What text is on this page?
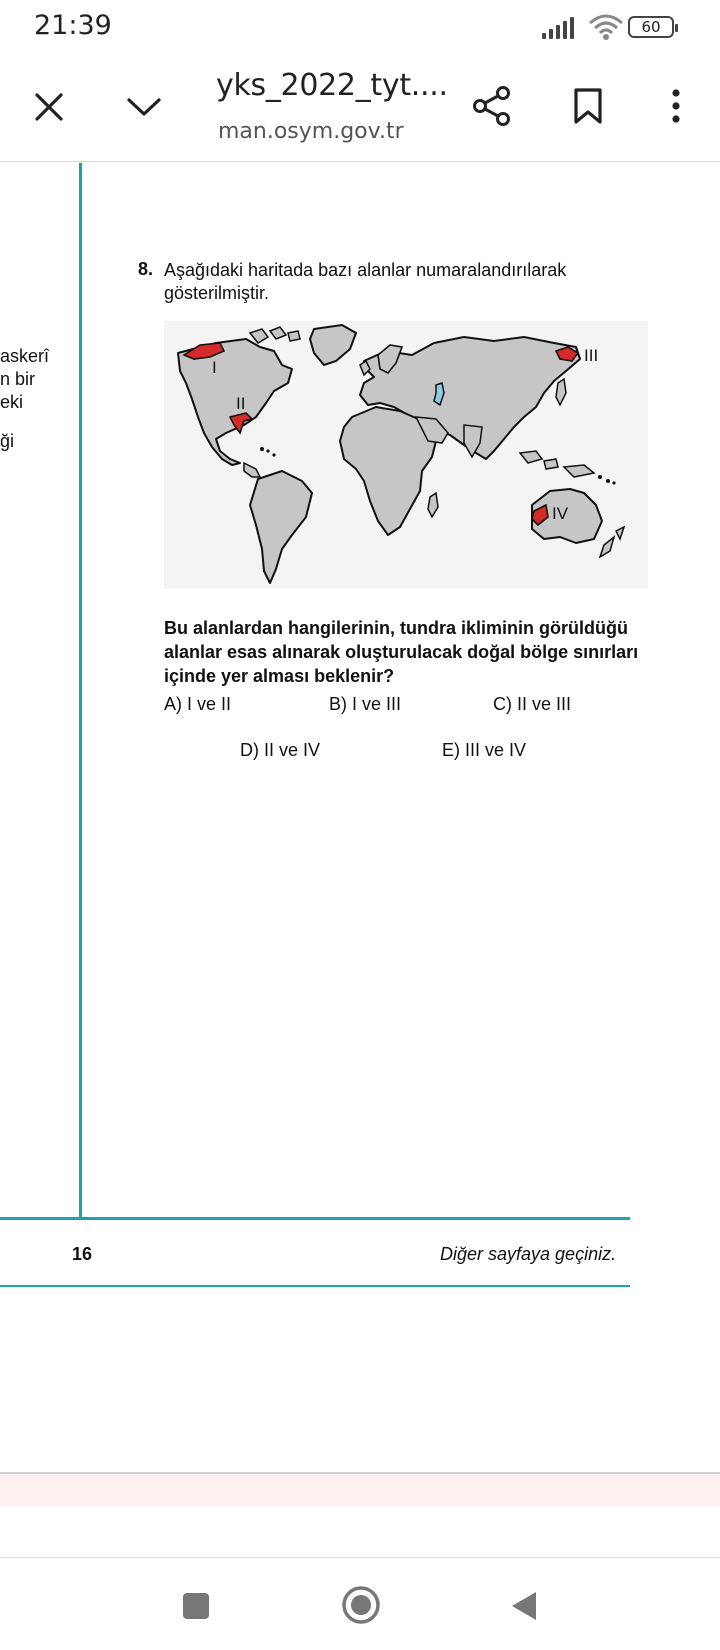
21:39	60
yks_2022_tyt....
man.osym.gov.tr
askerî
n bir
eki
ği
8. Aşağıdaki haritada bazı alanlar numaralandırılarak gösterilmiştir.
I
II
III
IV
Bu alanlardan hangilerinin, tundra ikliminin görüldüğü alanlar esas alınarak oluşturulacak doğal bölge sınırları içinde yer alması beklenir?
A) I ve II	B) I ve III	C) II ve III
D) II ve IV	E) III ve IV
16	Diğer sayfaya geçiniz.
